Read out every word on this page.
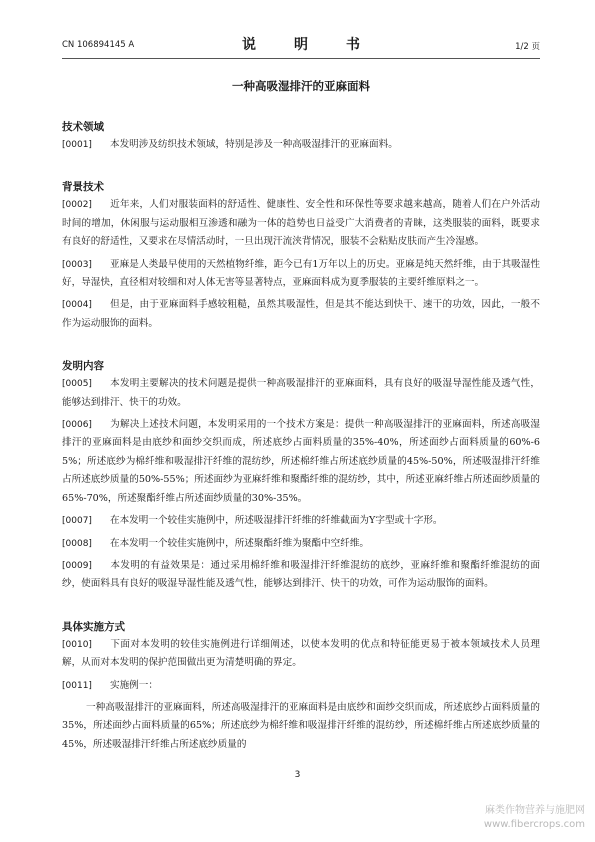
CN 106894145 A	说　明　书	1/2 页
一种高吸湿排汗的亚麻面料
技术领域

[0001] 本发明涉及纺织技术领域，特别是涉及一种高吸湿排汗的亚麻面料。

背景技术

[0002] 近年来，人们对服装面料的舒适性、健康性、安全性和环保性等要求越来越高，随着人们在户外活动时间的增加，休闲服与运动服相互渗透和融为一体的趋势也日益受广大消费者的青睐，这类服装的面料，既要求有良好的舒适性，又要求在尽情活动时，一旦出现汗流浃背情况，服装不会粘贴皮肤而产生冷湿感。

[0003] 亚麻是人类最早使用的天然植物纤维，距今已有1万年以上的历史。亚麻是纯天然纤维，由于其吸湿性好，导湿快，直径相对较细和对人体无害等显著特点，亚麻面料成为夏季服装的主要纤维原料之一。

[0004] 但是，由于亚麻面料手感较粗糙，虽然其吸湿性，但是其不能达到快干、速干的功效，因此，一般不作为运动服饰的面料。

发明内容

[0005] 本发明主要解决的技术问题是提供一种高吸湿排汗的亚麻面料，具有良好的吸湿导湿性能及透气性，能够达到排汗、快干的功效。

[0006] 为解决上述技术问题，本发明采用的一个技术方案是：提供一种高吸湿排汗的亚麻面料，所述高吸湿排汗的亚麻面料是由底纱和面纱交织而成，所述底纱占面料质量的35%-40%，所述面纱占面料质量的60%-65%；所述底纱为棉纤维和吸湿排汗纤维的混纺纱，所述棉纤维占所述底纱质量的45%-50%，所述吸湿排汗纤维占所述底纱质量的50%-55%；所述面纱为亚麻纤维和聚酯纤维的混纺纱，其中，所述亚麻纤维占所述面纱质量的65%-70%，所述聚酯纤维占所述面纱质量的30%-35%。

[0007] 在本发明一个较佳实施例中，所述吸湿排汗纤维的纤维截面为Y字型或十字形。

[0008] 在本发明一个较佳实施例中，所述聚酯纤维为聚酯中空纤维。

[0009] 本发明的有益效果是：通过采用棉纤维和吸湿排汗纤维混纺的底纱，亚麻纤维和聚酯纤维混纺的面纱，使面料具有良好的吸湿导湿性能及透气性，能够达到排汗、快干的功效，可作为运动服饰的面料。

具体实施方式

[0010] 下面对本发明的较佳实施例进行详细阐述，以使本发明的优点和特征能更易于被本领域技术人员理解，从而对本发明的保护范围做出更为清楚明确的界定。

[0011] 实施例一：

一种高吸湿排汗的亚麻面料，所述高吸湿排汗的亚麻面料是由底纱和面纱交织而成，所述底纱占面料质量的35%，所述面纱占面料质量的65%；所述底纱为棉纤维和吸湿排汗纤维的混纺纱，所述棉纤维占所述底纱质量的45%，所述吸湿排汗纤维占所述底纱质量的

3
麻类作物营养与施肥网
www.fibercrops.com
